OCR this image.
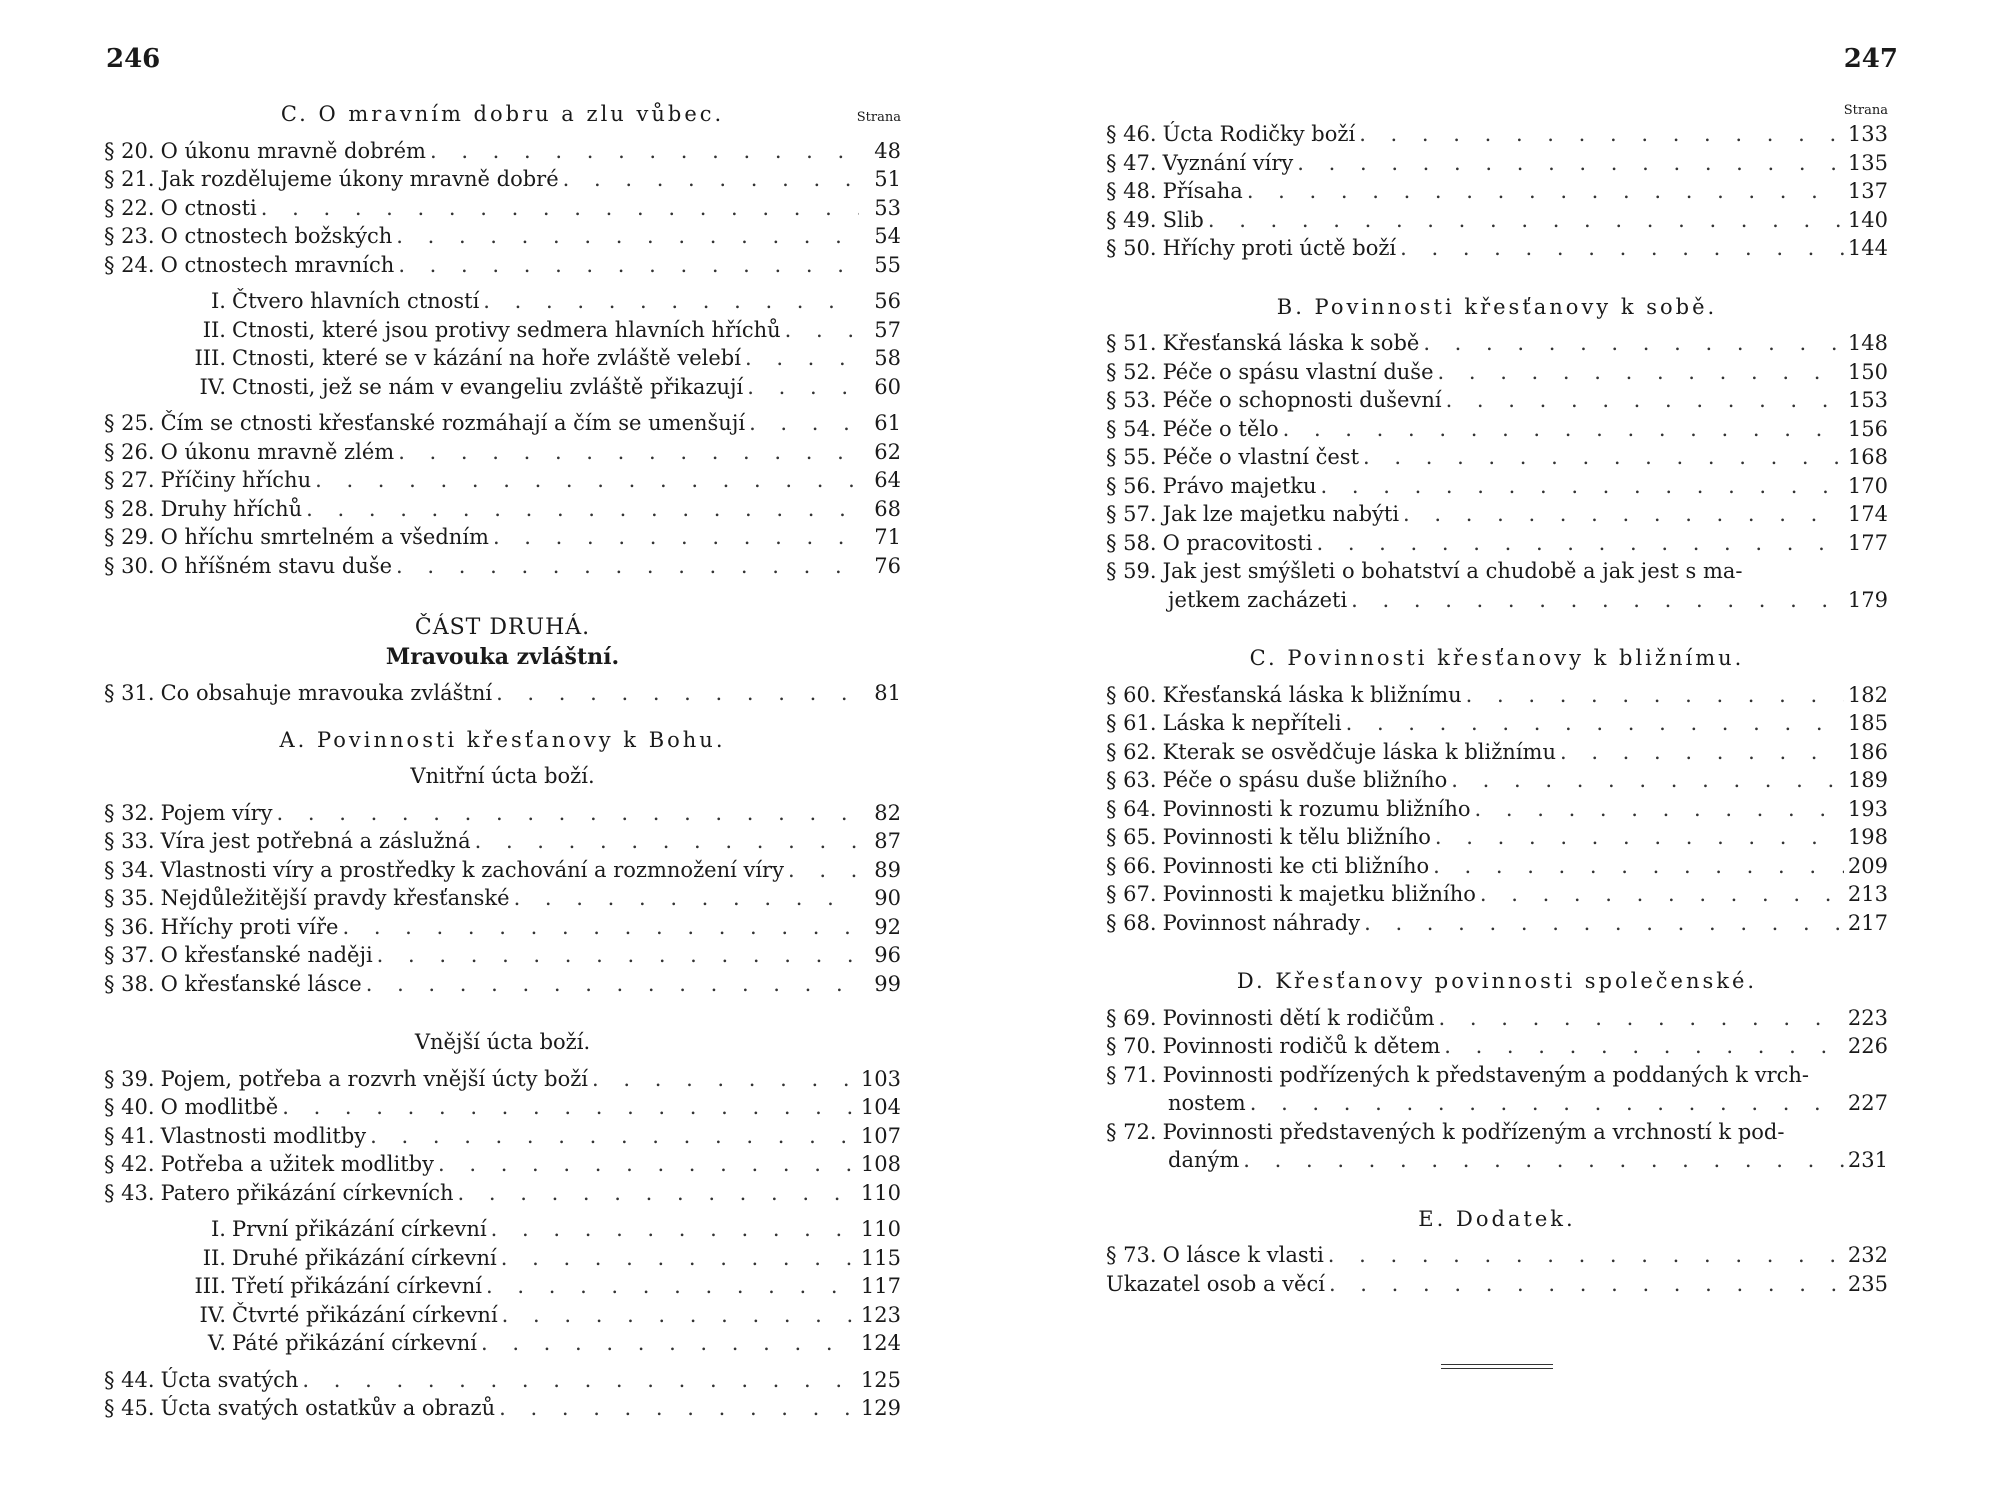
246
C. O mravním dobru a zlu vůbec.	Strana
§ 20. O úkonu mravně dobrém . . .	48
§ 21. Jak rozdělujeme úkony mravně dobré . . .	51
§ 22. O ctnosti . . .	53
§ 23. O ctnostech božských . . .	54
§ 24. O ctnostech mravních . . .	55
I. Čtvero hlavních ctností . . .	56
II. Ctnosti, které jsou protivy sedmera hlavních hříchů . . .	57
III. Ctnosti, které se v kázání na hoře zvláště velebí . . .	58
IV. Ctnosti, jež se nám v evangeliu zvláště přikazují . . .	60
§ 25. Čím se ctnosti křesťanské rozmáhají a čím se umenšují . . .	61
§ 26. O úkonu mravně zlém . . .	62
§ 27. Příčiny hříchu . . .	64
§ 28. Druhy hříchů . . .	68
§ 29. O hříchu smrtelném a všedním . . .	71
§ 30. O hříšném stavu duše . . .	76
ČÁST DRUHÁ.
Mravouka zvláštní.
§ 31. Co obsahuje mravouka zvláštní . . .	81
A. Povinnosti křesťanovy k Bohu.
Vnitřní úcta boží.
§ 32. Pojem víry . . .	82
§ 33. Víra jest potřebná a záslužná . . .	87
§ 34. Vlastnosti víry a prostředky k zachování a rozmnožení víry . . .	89
§ 35. Nejdůležitější pravdy křesťanské . . .	90
§ 36. Hříchy proti víře . . .	92
§ 37. O křesťanské naději . . .	96
§ 38. O křesťanské lásce . . .	99
Vnější úcta boží.
§ 39. Pojem, potřeba a rozvrh vnější úcty boží . . .	103
§ 40. O modlitbě . . .	104
§ 41. Vlastnosti modlitby . . .	107
§ 42. Potřeba a užitek modlitby . . .	108
§ 43. Patero přikázání církevních . . .	110
I. První přikázání církevní . . .	110
II. Druhé přikázání církevní . . .	115
III. Třetí přikázání církevní . . .	117
IV. Čtvrté přikázání církevní . . .	123
V. Páté přikázání církevní . . .	124
§ 44. Úcta svatých . . .	125
§ 45. Úcta svatých ostatkův a obrazů . . .	129
247
Strana
§ 46. Úcta Rodičky boží . . .	133
§ 47. Vyznání víry . . .	135
§ 48. Přísaha . . .	137
§ 49. Slib . . .	140
§ 50. Hříchy proti úctě boží . . .	144
B. Povinnosti křesťanovy k sobě.
§ 51. Křesťanská láska k sobě . . .	148
§ 52. Péče o spásu vlastní duše . . .	150
§ 53. Péče o schopnosti duševní . . .	153
§ 54. Péče o tělo . . .	156
§ 55. Péče o vlastní čest . . .	168
§ 56. Právo majetku . . .	170
§ 57. Jak lze majetku nabýti . . .	174
§ 58. O pracovitosti . . .	177
§ 59. Jak jest smýšleti o bohatství a chudobě a jak jest s ma-
jetkem zacházeti . . .	179
C. Povinnosti křesťanovy k bližnímu.
§ 60. Křesťanská láska k bližnímu . . .	182
§ 61. Láska k nepříteli . . .	185
§ 62. Kterak se osvědčuje láska k bližnímu . . .	186
§ 63. Péče o spásu duše bližního . . .	189
§ 64. Povinnosti k rozumu bližního . . .	193
§ 65. Povinnosti k tělu bližního . . .	198
§ 66. Povinnosti ke cti bližního . . .	209
§ 67. Povinnosti k majetku bližního . . .	213
§ 68. Povinnost náhrady . . .	217
D. Křesťanovy povinnosti společenské.
§ 69. Povinnosti dětí k rodičům . . .	223
§ 70. Povinnosti rodičů k dětem . . .	226
§ 71. Povinnosti podřízených k představeným a poddaných k vrch-
nostem . . .	227
§ 72. Povinnosti představených k podřízeným a vrchností k pod-
daným . . .	231
E. Dodatek.
§ 73. O lásce k vlasti . . .	232
Ukazatel osob a věcí . . .	235
